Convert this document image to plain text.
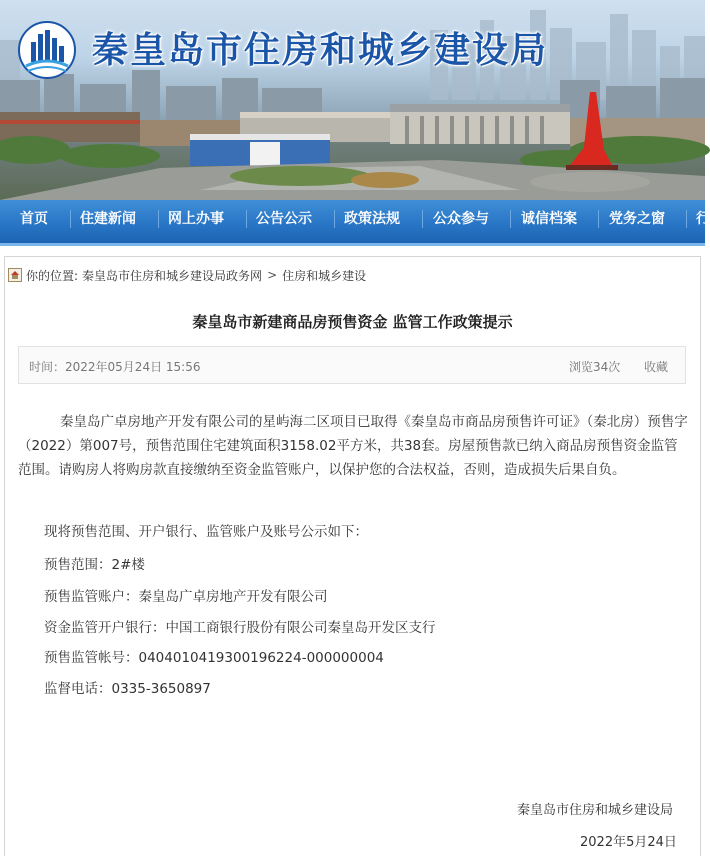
秦皇岛市住房和城乡建设局
首页 住建新闻 网上办事 公告公示 政策法规 公众参与 诚信档案 党务之窗 行
你的位置: 秦皇岛市住房和城乡建设局政务网 > 住房和城乡建设
秦皇岛市新建商品房预售资金 监管工作政策提示
时间：2022年05月24日 15:56	浏览34次 收藏

秦皇岛广卓房地产开发有限公司的星屿海二区项目已取得《秦皇岛市商品房预售许可证》（秦北房）预售字（2022）第007号，预售范围住宅建筑面积3158.02平方米，共38套。房屋预售款已纳入商品房预售资金监管范围。请购房人将购房款直接缴纳至资金监管账户，以保护您的合法权益，否则，造成损失后果自负。

现将预售范围、开户银行、监管账户及账号公示如下：
预售范围：2#楼
预售监管账户：秦皇岛广卓房地产开发有限公司
资金监管开户银行：中国工商银行股份有限公司秦皇岛开发区支行
预售监管帐号：0404010419300196224-000000004
监督电话：0335-3650897
秦皇岛市住房和城乡建设局
2022年5月24日
